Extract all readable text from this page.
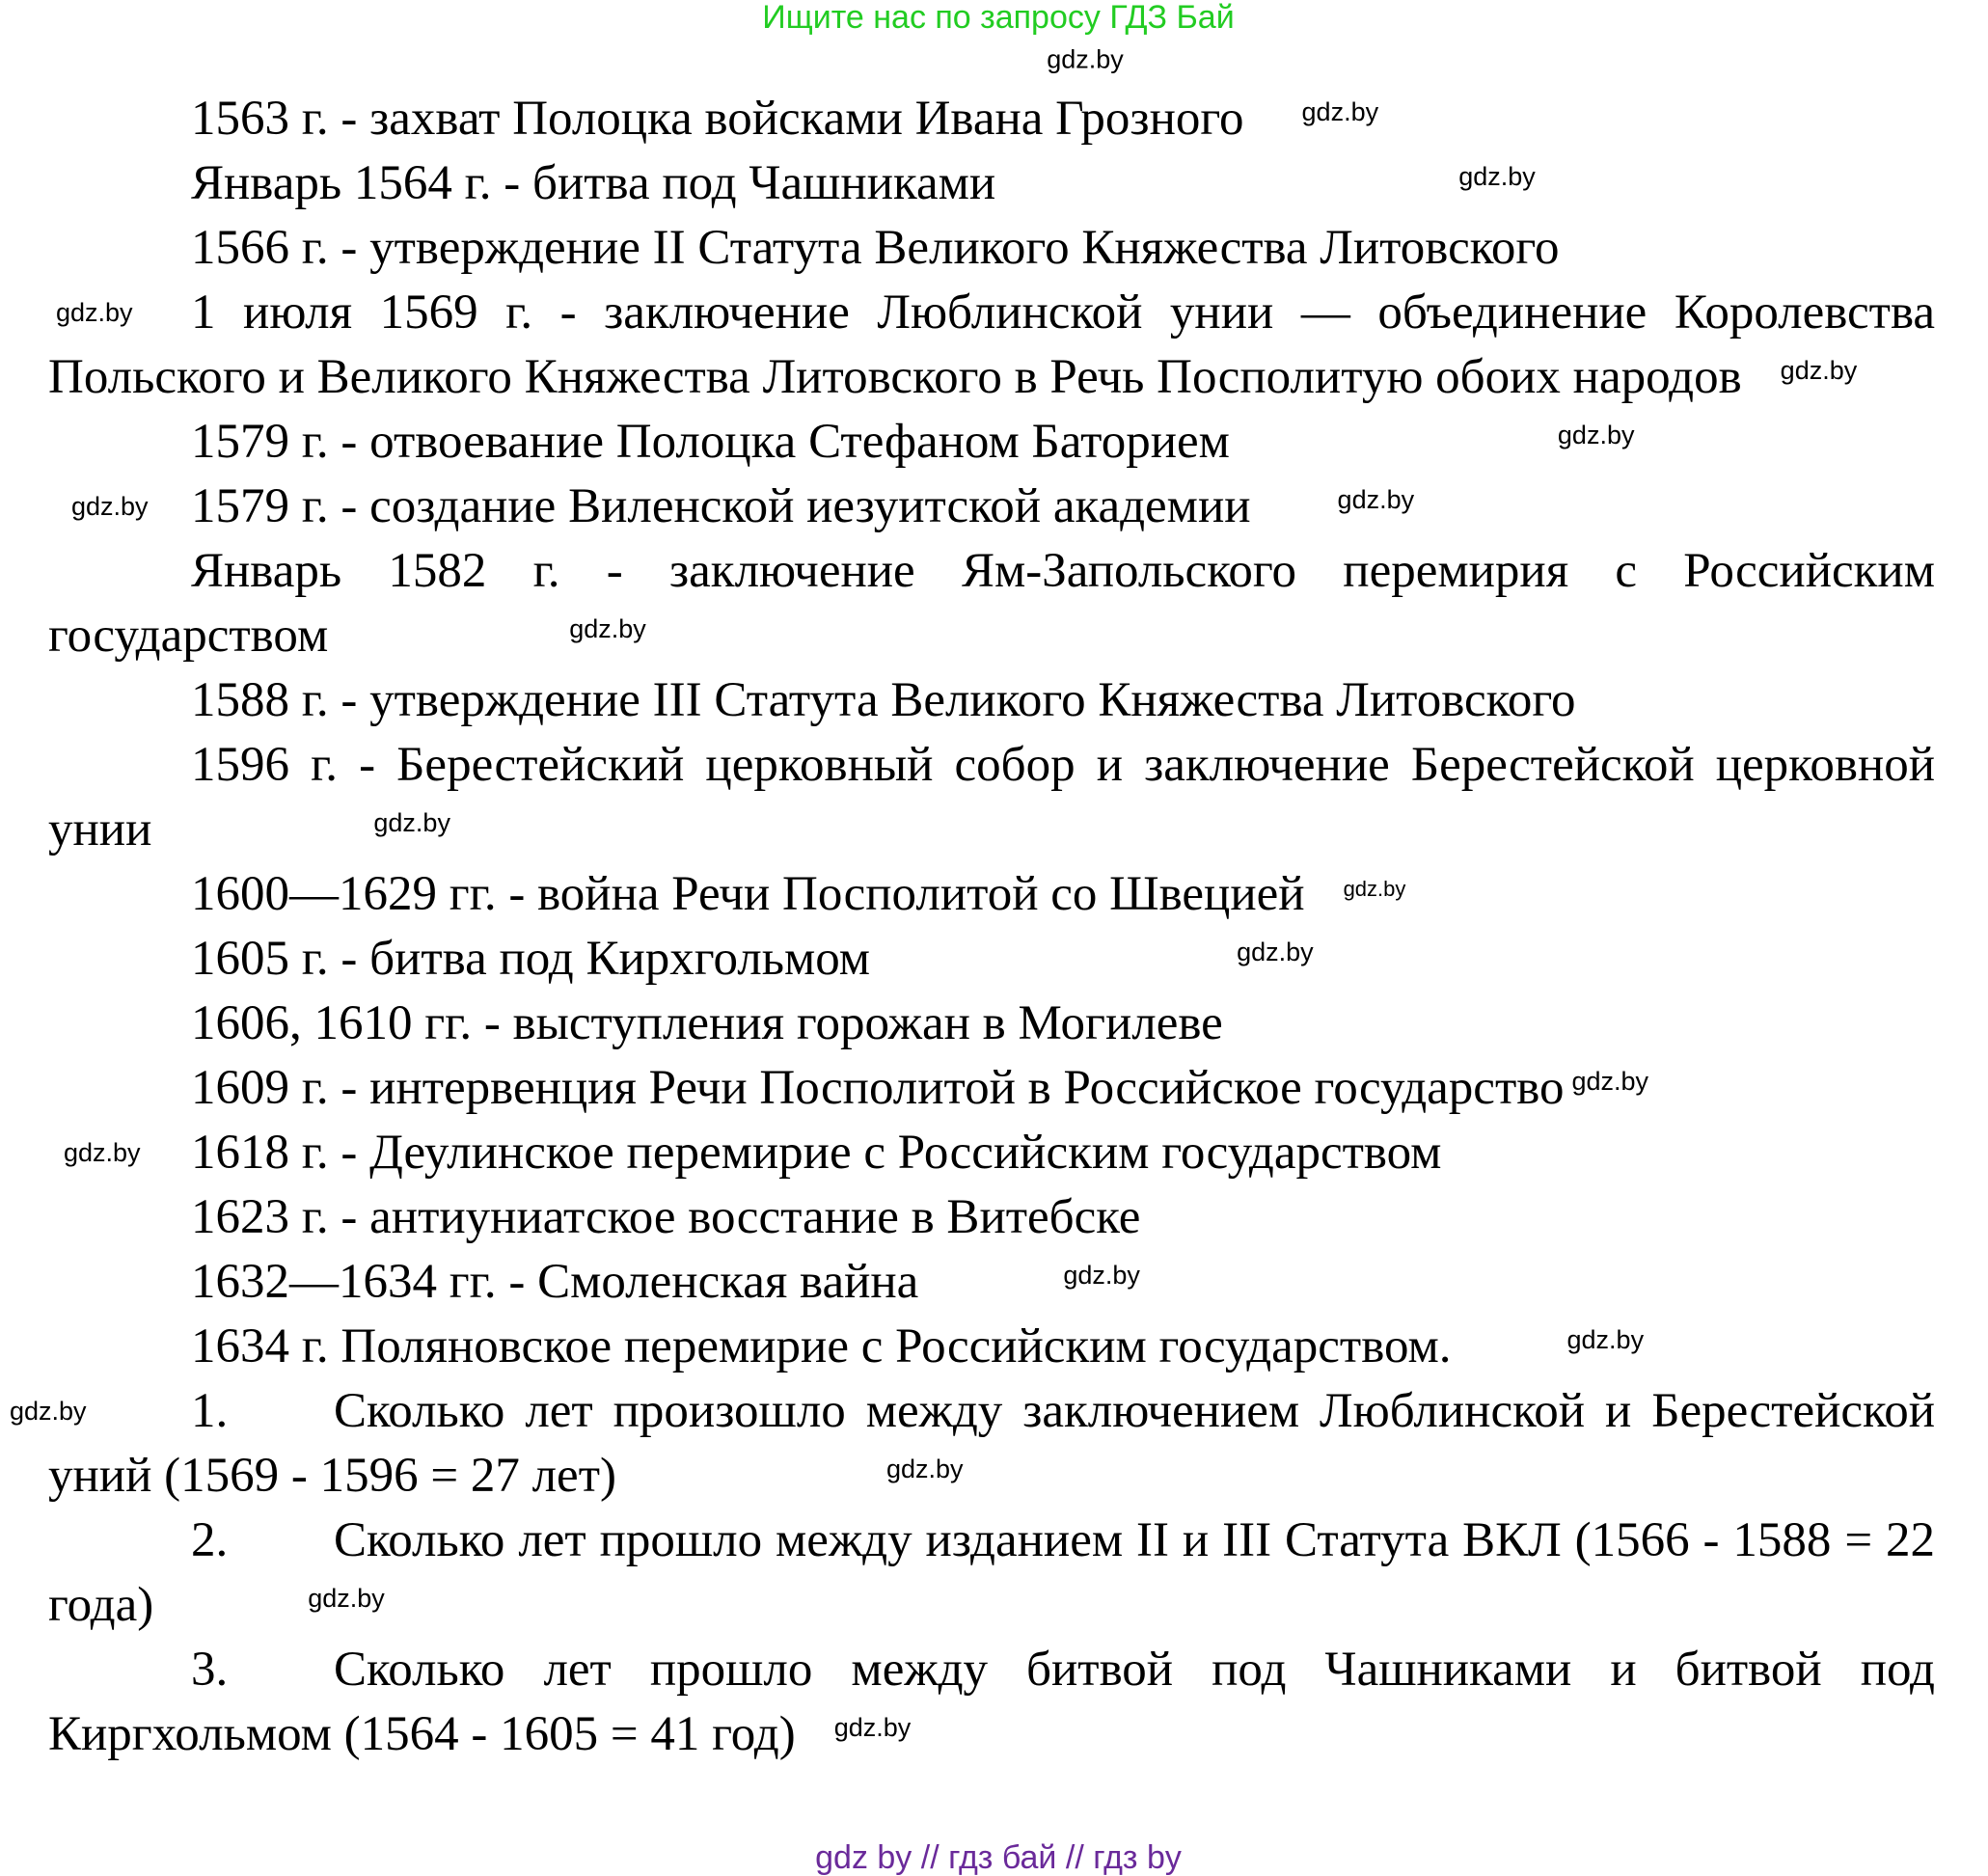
Ищите нас по запросу ГДЗ Бай
gdz.by

1563 г. - захват Полоцка войсками Ивана Грозного $^{gdz.by}$

Январь 1564 г. - битва под Чашниками	$^{gdz.by}$

1566 г. - утверждение II Статута Великого Княжества Литовского

gdz.by 1 июля 1569 г. - заключение Люблинской унии — объединение Королевства Польского и Великого Княжества Литовского в Речь Посполитую обоих народов $^{gdz.by}$

1579 г. - отвоевание Полоцка Стефаном Баторием	$^{gdz.by}$

gdz.by 1579 г. - создание Виленской иезуитской академии	$^{gdz.by}$

Январь 1582 г. - заключение Ям-Запольского перемирия с Российским государством	$^{gdz.by}$

1588 г. - утверждение III Статута Великого Княжества Литовского

1596 г. - Берестейский церковный собор и заключение Берестейской церковной унии	$^{gdz.by}$

1600—1629 гг. - война Речи Посполитой со Швецией $^{gdz.by}$

1605 г. - битва под Кирхгольмом	$^{gdz.by}$

1606, 1610 гг. - выступления горожан в Могилеве

1609 г. - интервенция Речи Посполитой в Российское государство $^{gdz.by}$

gdz.by 1618 г. - Деулинское перемирие с Российским государством

1623 г. - антиуниатское восстание в Витебске

1632—1634 гг. - Смоленская вайна	$^{gdz.by}$

1634 г. Поляновское перемирие с Российским государством.	$^{gdz.by}$

gdz.by 1. Сколько лет произошло между заключением Люблинской и Берестейской уний (1569 - 1596 = 27 лет)	$^{gdz.by}$

2. Сколько лет прошло между изданием II и III Статута ВКЛ (1566 - 1588 = 22 года)	$^{gdz.by}$

3. Сколько лет прошло между битвой под Чашниками и битвой под Киргхольмом (1564 - 1605 = 41 год) $^{gdz.by}$

gdz by // гдз бай // гдз by
